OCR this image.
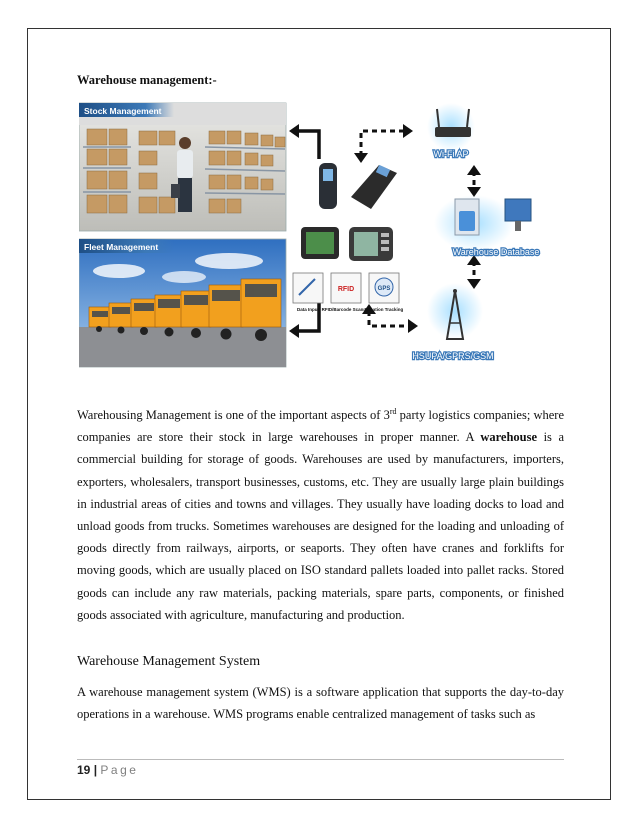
Warehouse management:-
Stock Management
Fleet Management
Data Input
RFID
RFID/Barcode Scanner
GPS
Location Tracking
Wi-Fi AP
Warehouse Database
HSUPA/GPRS/GSM
Warehousing Management is one of the important aspects of 3rd party logistics companies; where companies are store their stock in large warehouses in proper manner. A warehouse is a commercial building for storage of goods. Warehouses are used by manufacturers, importers, exporters, wholesalers, transport businesses, customs, etc. They are usually large plain buildings in industrial areas of cities and towns and villages. They usually have loading docks to load and unload goods from trucks. Sometimes warehouses are designed for the loading and unloading of goods directly from railways, airports, or seaports. They often have cranes and forklifts for moving goods, which are usually placed on ISO standard pallets loaded into pallet racks. Stored goods can include any raw materials, packing materials, spare parts, components, or finished goods associated with agriculture, manufacturing and production.
Warehouse Management System
A warehouse management system (WMS) is a software application that supports the day-to-day operations in a warehouse. WMS programs enable centralized management of tasks such as
19 | Page
